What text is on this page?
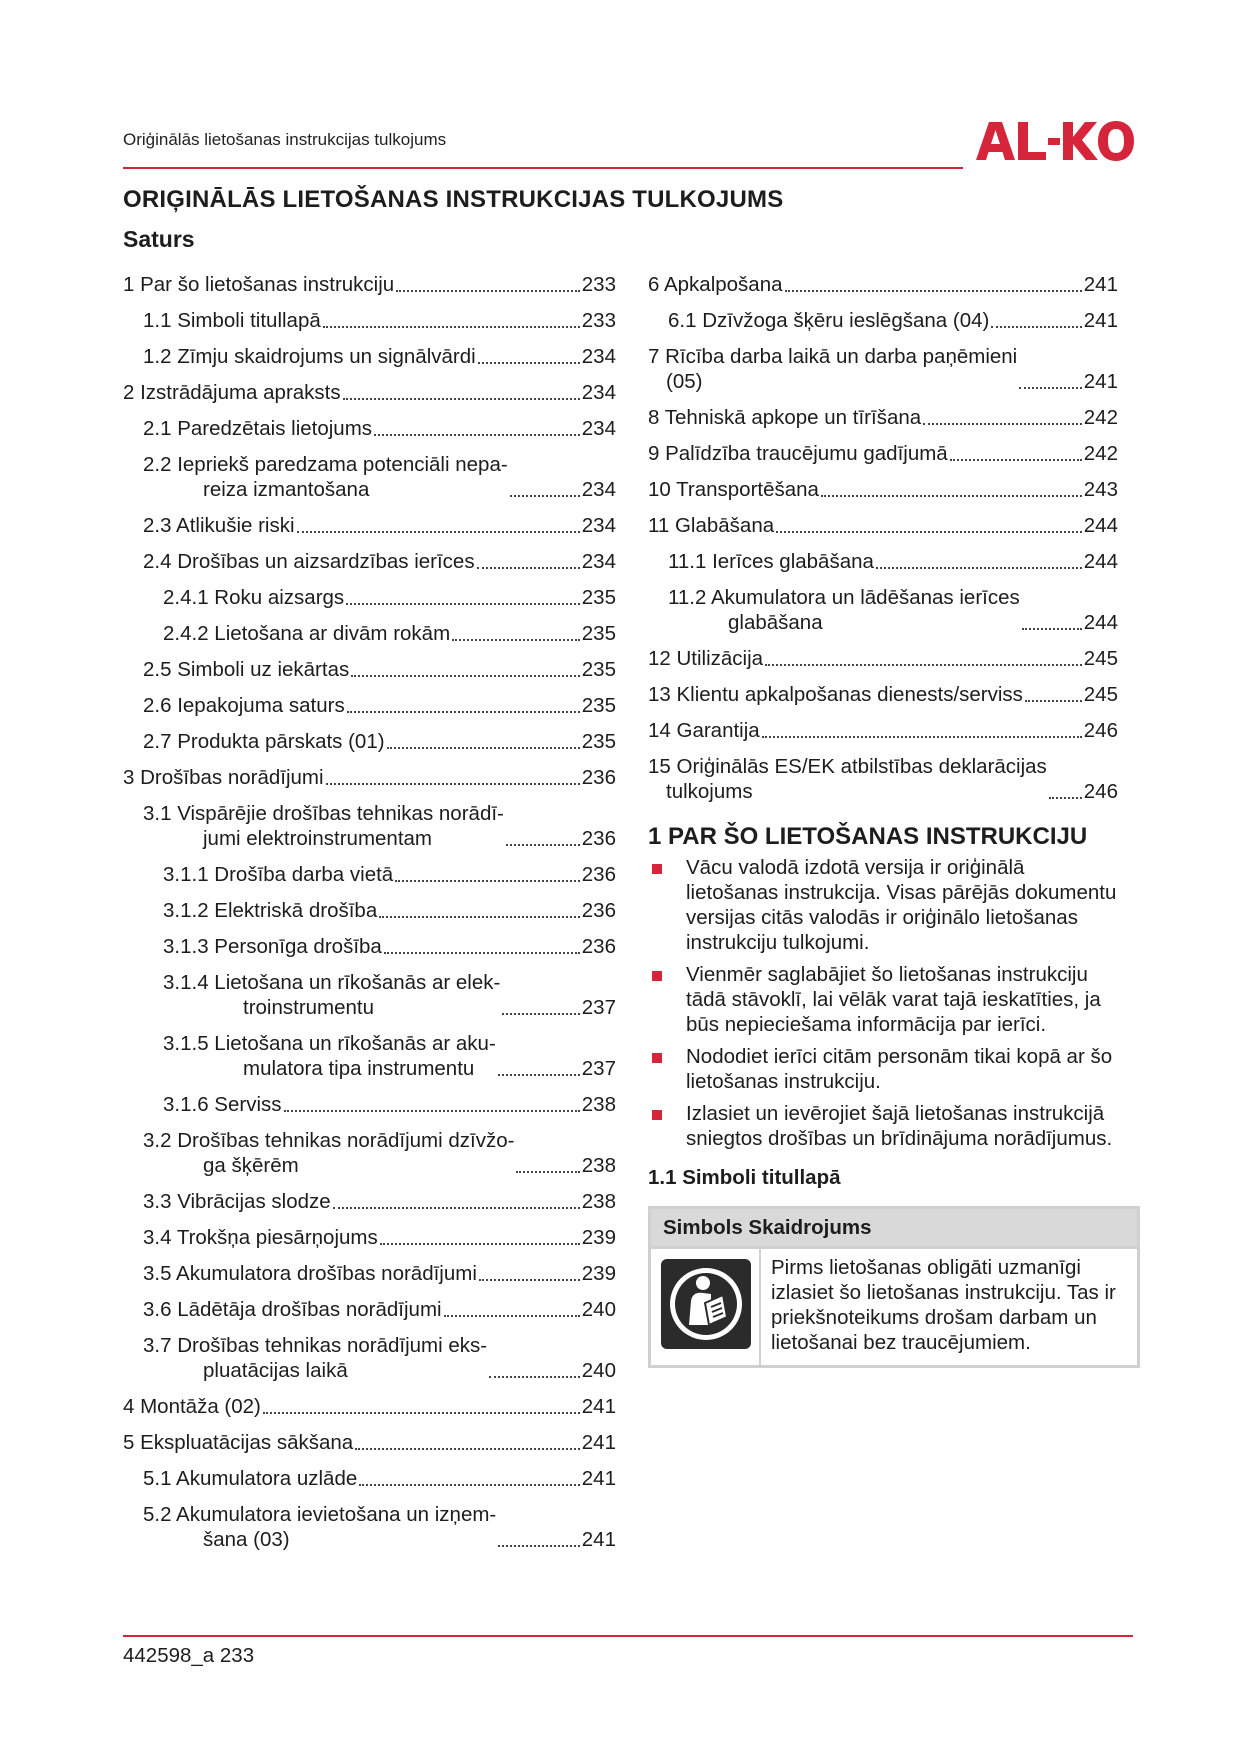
Oriģinālās lietošanas instrukcijas tulkojums
ORIĢINĀLĀS LIETOŠANAS INSTRUKCIJAS TULKOJUMS
Saturs
1 Par šo lietošanas instrukciju	233
1.1 Simboli titullapā	233
1.2 Zīmju skaidrojums un signālvārdi	234
2 Izstrādājuma apraksts	234
2.1 Paredzētais lietojums	234
2.2 Iepriekš paredzama potenciāli nepa-

reiza izmantošana	234
2.3 Atlikušie riski	234
2.4 Drošības un aizsardzības ierīces	234
2.4.1 Roku aizsargs	235
2.4.2 Lietošana ar divām rokām	235
2.5 Simboli uz iekārtas	235
2.6 Iepakojuma saturs	235
2.7 Produkta pārskats (01)	235
3 Drošības norādījumi	236
3.1 Vispārējie drošības tehnikas norādī-

jumi elektroinstrumentam	236
3.1.1 Drošība darba vietā	236
3.1.2 Elektriskā drošība	236
3.1.3 Personīga drošība	236
3.1.4 Lietošana un rīkošanās ar elek-

troinstrumentu	237
3.1.5 Lietošana un rīkošanās ar aku-

mulatora tipa instrumentu	237
3.1.6 Serviss	238
3.2 Drošības tehnikas norādījumi dzīvžo-

ga šķērēm	238
3.3 Vibrācijas slodze	238
3.4 Trokšņa piesārņojums	239
3.5 Akumulatora drošības norādījumi	239
3.6 Lādētāja drošības norādījumi	240
3.7 Drošības tehnikas norādījumi eks-

pluatācijas laikā	240
4 Montāža (02)	241
5 Ekspluatācijas sākšana	241
5.1 Akumulatora uzlāde	241
5.2 Akumulatora ievietošana un izņem-

šana (03)	241
6 Apkalpošana	241
6.1 Dzīvžoga šķēru ieslēgšana (04)	241
7 Rīcība darba laikā un darba paņēmieni

(05)	241
8 Tehniskā apkope un tīrīšana	242
9 Palīdzība traucējumu gadījumā	242
10 Transportēšana	243
11 Glabāšana	244
11.1 Ierīces glabāšana	244
11.2 Akumulatora un lādēšanas ierīces

glabāšana	244
12 Utilizācija	245
13 Klientu apkalpošanas dienests/serviss	245
14 Garantija	246
15 Oriģinālās ES/EK atbilstības deklarācijas

tulkojums	246
1 PAR ŠO LIETOŠANAS INSTRUKCIJU
Vācu valodā izdotā versija ir oriģinālā lietošanas instrukcija. Visas pārējās dokumentu versijas citās valodās ir oriģinālo lietošanas instrukciju tulkojumi.
Vienmēr saglabājiet šo lietošanas instrukciju tādā stāvoklī, lai vēlāk varat tajā ieskatīties, ja būs nepieciešama informācija par ierīci.
Nododiet ierīci citām personām tikai kopā ar šo lietošanas instrukciju.
Izlasiet un ievērojiet šajā lietošanas instrukcijā sniegtos drošības un brīdinājuma norādījumus.
1.1 Simboli titullapā
Simbols Skaidrojums
Pirms lietošanas obligāti uzmanīgi izlasiet šo lietošanas instrukciju. Tas ir priekšnoteikums drošam darbam un lietošanai bez traucējumiem.
442598_a 233
